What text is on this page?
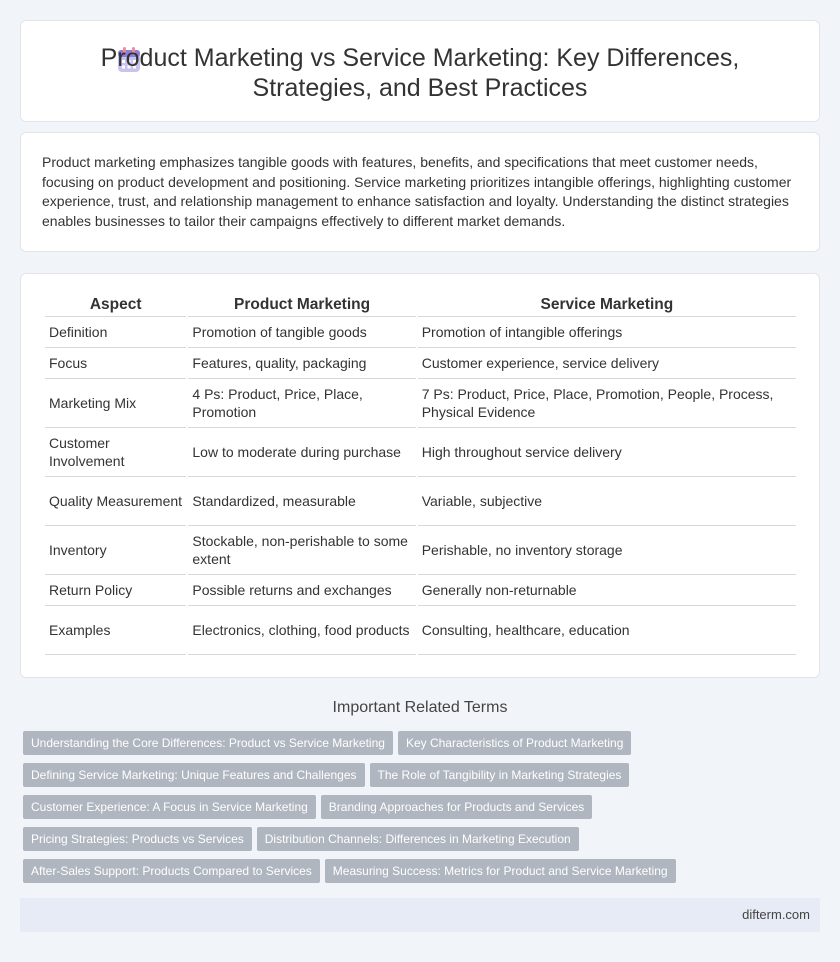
Product Marketing vs Service Marketing: Key Differences, Strategies, and Best Practices

Product marketing emphasizes tangible goods with features, benefits, and specifications that meet customer needs, focusing on product development and positioning. Service marketing prioritizes intangible offerings, highlighting customer experience, trust, and relationship management to enhance satisfaction and loyalty. Understanding the distinct strategies enables businesses to tailor their campaigns effectively to different market demands.

Aspect	Product Marketing	Service Marketing
Definition	Promotion of tangible goods	Promotion of intangible offerings
Focus	Features, quality, packaging	Customer experience, service delivery
Marketing Mix	4 Ps: Product, Price, Place, Promotion	7 Ps: Product, Price, Place, Promotion, People, Process, Physical Evidence
Customer Involvement	Low to moderate during purchase	High throughout service delivery
Quality Measurement	Standardized, measurable	Variable, subjective
Inventory	Stockable, non-perishable to some extent	Perishable, no inventory storage
Return Policy	Possible returns and exchanges	Generally non-returnable
Examples	Electronics, clothing, food products	Consulting, healthcare, education
Important Related Terms
Understanding the Core Differences: Product vs Service Marketing Key Characteristics of Product Marketing
Defining Service Marketing: Unique Features and Challenges The Role of Tangibility in Marketing Strategies
Customer Experience: A Focus in Service Marketing Branding Approaches for Products and Services
Pricing Strategies: Products vs Services Distribution Channels: Differences in Marketing Execution
After-Sales Support: Products Compared to Services Measuring Success: Metrics for Product and Service Marketing
difterm.com
